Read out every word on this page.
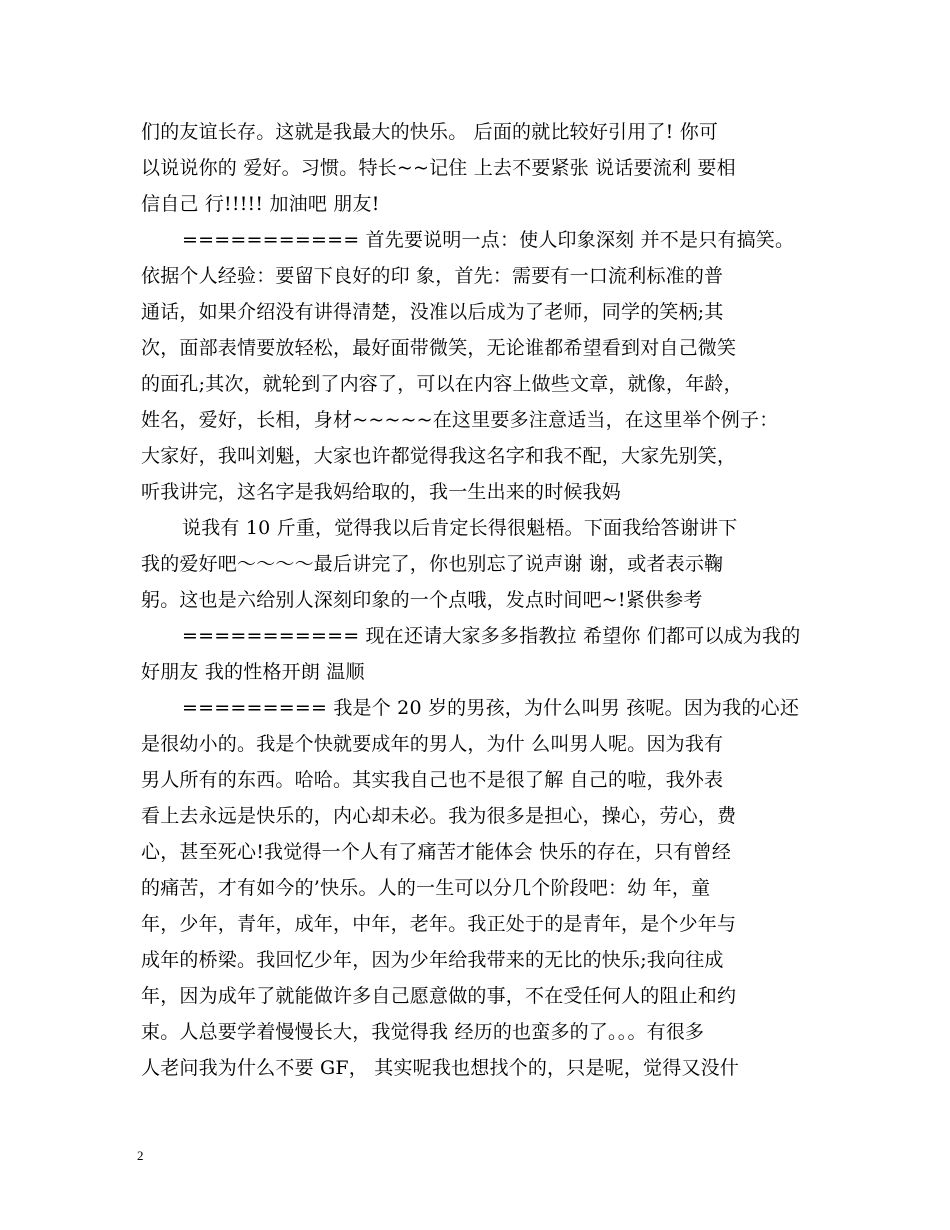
们的友谊长存。这就是我最大的快乐。 后面的就比较好引用了! 你可
以说说你的 爱好。习惯。特长~~记住 上去不要紧张 说话要流利 要相
信自己 行!!!!! 加油吧 朋友!
=========== 首先要说明一点：使人印象深刻 并不是只有搞笑。
依据个人经验：要留下良好的印 象，首先：需要有一口流利标准的普
通话，如果介绍没有讲得清楚，没准以后成为了老师，同学的笑柄;其
次，面部表情要放轻松，最好面带微笑，无论谁都希望看到对自己微笑
的面孔;其次，就轮到了内容了，可以在内容上做些文章，就像，年龄，
姓名，爱好，长相，身材~~~~~在这里要多注意适当，在这里举个例子：
大家好，我叫刘魁，大家也许都觉得我这名字和我不配，大家先别笑，
听我讲完，这名字是我妈给取的，我一生出来的时候我妈
说我有 10 斤重，觉得我以后肯定长得很魁梧。下面我给答谢讲下
我的爱好吧～～～～最后讲完了，你也别忘了说声谢 谢，或者表示鞠
躬。这也是六给别人深刻印象的一个点哦，发点时间吧~!紧供参考
=========== 现在还请大家多多指教拉 希望你 们都可以成为我的
好朋友 我的性格开朗 温顺
========= 我是个 20 岁的男孩，为什么叫男 孩呢。因为我的心还
是很幼小的。我是个快就要成年的男人，为什 么叫男人呢。因为我有
男人所有的东西。哈哈。其实我自己也不是很了解 自己的啦，我外表
看上去永远是快乐的，内心却未必。我为很多是担心，操心，劳心，费
心，甚至死心!我觉得一个人有了痛苦才能体会 快乐的存在，只有曾经
的痛苦，才有如今的’快乐。人的一生可以分几个阶段吧：幼 年，童
年，少年，青年，成年，中年，老年。我正处于的是青年，是个少年与
成年的桥梁。我回忆少年，因为少年给我带来的无比的快乐;我向往成
年，因为成年了就能做许多自己愿意做的事，不在受任何人的阻止和约
束。人总要学着慢慢长大，我觉得我 经历的也蛮多的了。。。有很多
人老问我为什么不要 GF， 其实呢我也想找个的，只是呢，觉得又没什
2
